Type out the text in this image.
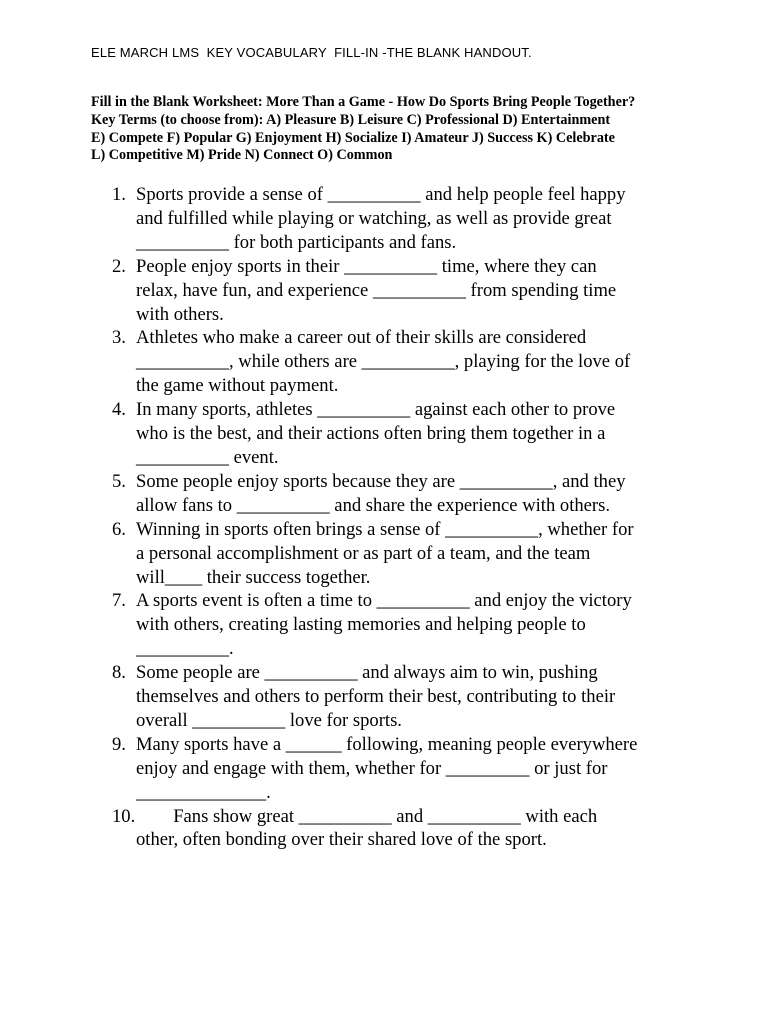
ELE MARCH LMS  KEY VOCABULARY  FILL-IN -THE BLANK HANDOUT.
Fill in the Blank Worksheet: More Than a Game - How Do Sports Bring People Together?
Key Terms (to choose from): A) Pleasure B) Leisure C) Professional D) Entertainment
E) Compete F) Popular G) Enjoyment H) Socialize I) Amateur J) Success K) Celebrate
L) Competitive M) Pride N) Connect O) Common
1. Sports provide a sense of __________ and help people feel happy
and fulfilled while playing or watching, as well as provide great
__________ for both participants and fans.
2. People enjoy sports in their __________ time, where they can
relax, have fun, and experience __________ from spending time
with others.
3. Athletes who make a career out of their skills are considered
__________, while others are __________, playing for the love of
the game without payment.
4. In many sports, athletes __________ against each other to prove
who is the best, and their actions often bring them together in a
__________ event.
5. Some people enjoy sports because they are __________, and they
allow fans to __________ and share the experience with others.
6. Winning in sports often brings a sense of __________, whether for
a personal accomplishment or as part of a team, and the team
will____ their success together.
7. A sports event is often a time to __________ and enjoy the victory
with others, creating lasting memories and helping people to
__________.
8. Some people are __________ and always aim to win, pushing
themselves and others to perform their best, contributing to their
overall __________ love for sports.
9. Many sports have a ______ following, meaning people everywhere
enjoy and engage with them, whether for _________ or just for
______________.
10. Fans show great __________ and __________ with each
other, often bonding over their shared love of the sport.
